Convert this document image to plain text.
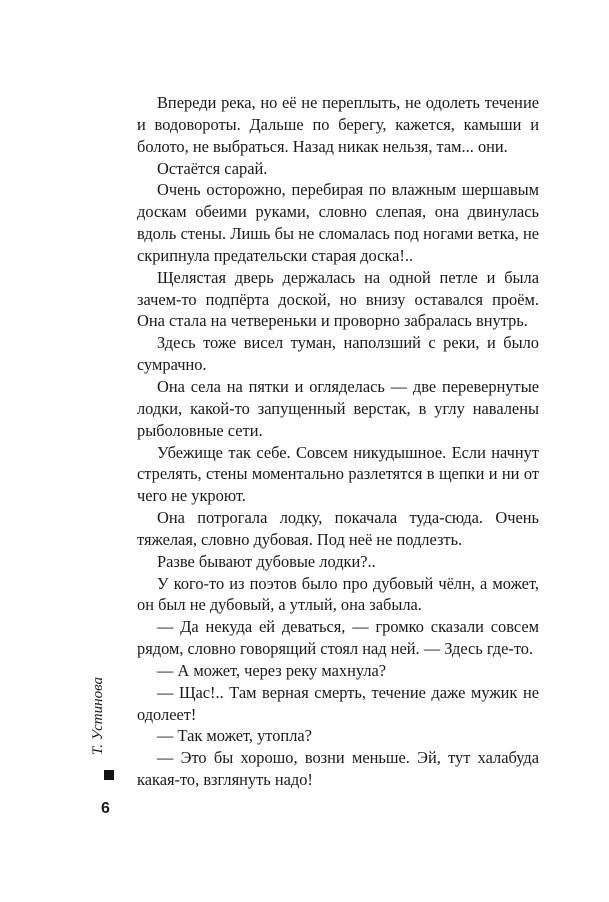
Т. Устинова
6

Впереди река, но её не переплыть, не одолеть течение и водовороты. Дальше по берегу, кажется, камыши и болото, не выбраться. Назад никак нельзя, там... они.

Остаётся сарай.

Очень осторожно, перебирая по влажным шершавым доскам обеими руками, словно слепая, она двинулась вдоль стены. Лишь бы не сломалась под ногами ветка, не скрипнула предательски старая доска!..

Щелястая дверь держалась на одной петле и была зачем-то подпёрта доской, но внизу оставался проём. Она стала на четвереньки и проворно забралась внутрь.

Здесь тоже висел туман, наползший с реки, и было сумрачно.

Она села на пятки и огляделась — две перевернутые лодки, какой-то запущенный верстак, в углу навалены рыболовные сети.

Убежище так себе. Совсем никудышное. Если начнут стрелять, стены моментально разлетятся в щепки и ни от чего не укроют.

Она потрогала лодку, покачала туда-сюда. Очень тяжелая, словно дубовая. Под неё не подлезть.

Разве бывают дубовые лодки?..

У кого-то из поэтов было про дубовый чёлн, а может, он был не дубовый, а утлый, она забыла.

— Да некуда ей деваться, — громко сказали совсем рядом, словно говорящий стоял над ней. — Здесь где-то.

— А может, через реку махнула?

— Щас!.. Там верная смерть, течение даже мужик не одолеет!

— Так может, утопла?

— Это бы хорошо, возни меньше. Эй, тут халабуда какая-то, взглянуть надо!
